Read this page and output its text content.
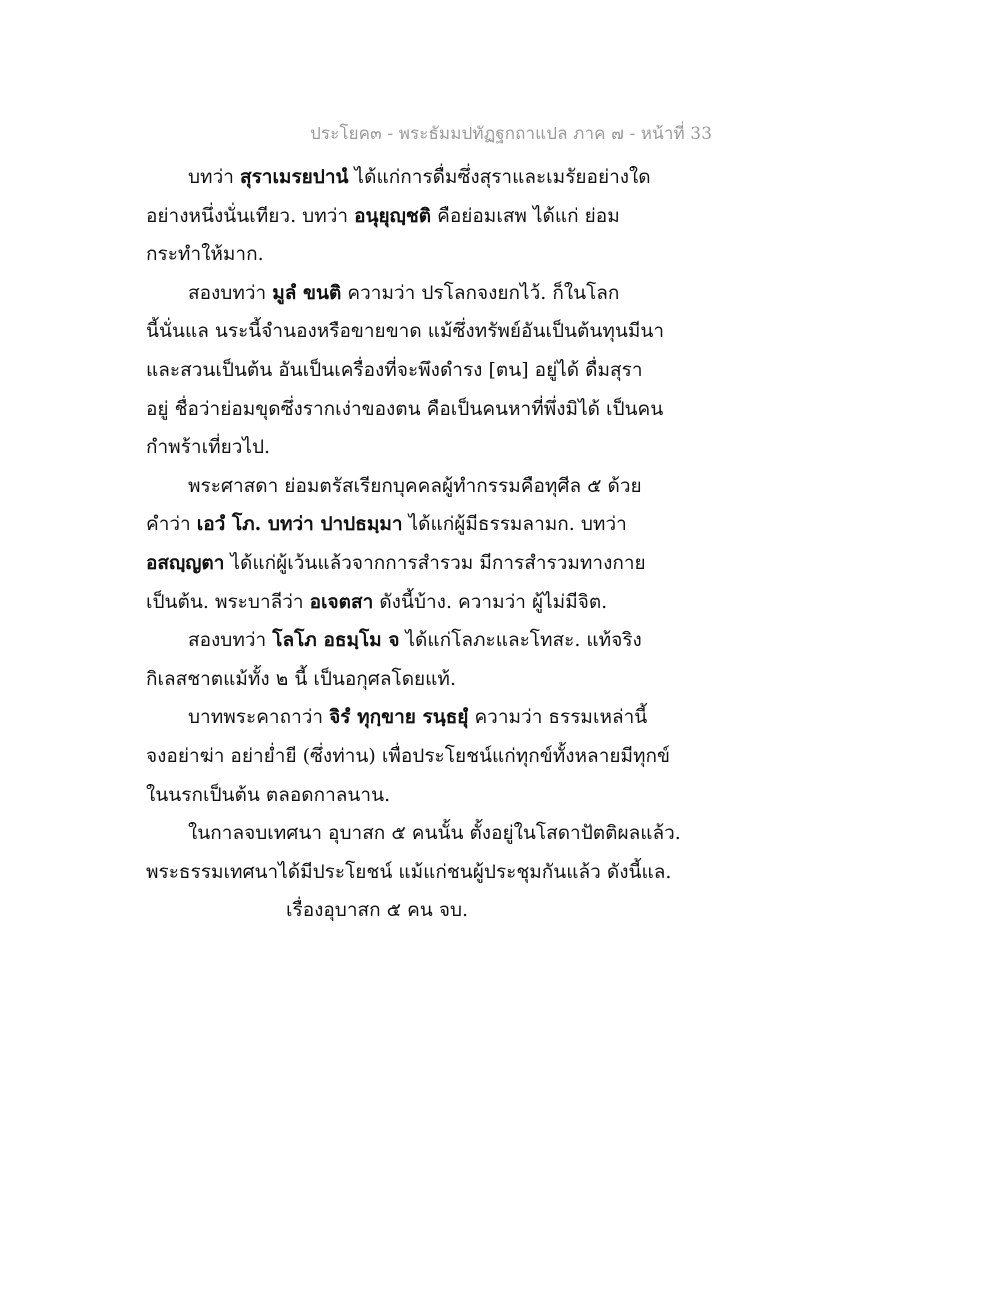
ประโยค๓ - พระธัมมปทัฏฐกถาแปล ภาค ๗ - หน้าที่ 33
บทว่า สุราเมรยปานํ ได้แก่การดื่มซึ่งสุราและเมรัยอย่างใด
อย่างหนึ่งนั่นเทียว. บทว่า อนุยุญฺชติ คือย่อมเสพ ได้แก่ ย่อม
กระทำให้มาก.
สองบทว่า มูลํ ขนติ ความว่า ปรโลกจงยกไว้. ก็ในโลก
นี้นั่นแล นระนี้จำนองหรือขายขาด แม้ซึ่งทรัพย์อันเป็นต้นทุนมีนา
และสวนเป็นต้น อันเป็นเครื่องที่จะพึงดำรง [ตน] อยู่ได้ ดื่มสุรา
อยู่ ชื่อว่าย่อมขุดซึ่งรากเง่าของตน คือเป็นคนหาที่พึ่งมิได้ เป็นคน
กำพร้าเที่ยวไป.
พระศาสดา ย่อมตรัสเรียกบุคคลผู้ทำกรรมคือทุศีล ๕ ด้วย
คำว่า เอวํ โภ. บทว่า ปาปธมฺมา ได้แก่ผู้มีธรรมลามก. บทว่า
อสญฺญตา ได้แก่ผู้เว้นแล้วจากการสำรวม มีการสำรวมทางกาย
เป็นต้น. พระบาลีว่า อเจตสา ดังนี้บ้าง. ความว่า ผู้ไม่มีจิต.
สองบทว่า โลโภ อธมฺโม จ ได้แก่โลภะและโทสะ. แท้จริง
กิเลสชาตแม้ทั้ง ๒ นี้ เป็นอกุศลโดยแท้.
บาทพระคาถาว่า จิรํ ทุกฺขาย รนฺธยุํ ความว่า ธรรมเหล่านี้
จงอย่าฆ่า อย่าย่ำยี (ซึ่งท่าน) เพื่อประโยชน์แก่ทุกข์ทั้งหลายมีทุกข์
ในนรกเป็นต้น ตลอดกาลนาน.
ในกาลจบเทศนา อุบาสก ๕ คนนั้น ตั้งอยู่ในโสดาปัตติผลแล้ว.
พระธรรมเทศนาได้มีประโยชน์ แม้แก่ชนผู้ประชุมกันแล้ว ดังนี้แล.
เรื่องอุบาสก ๕ คน จบ.
